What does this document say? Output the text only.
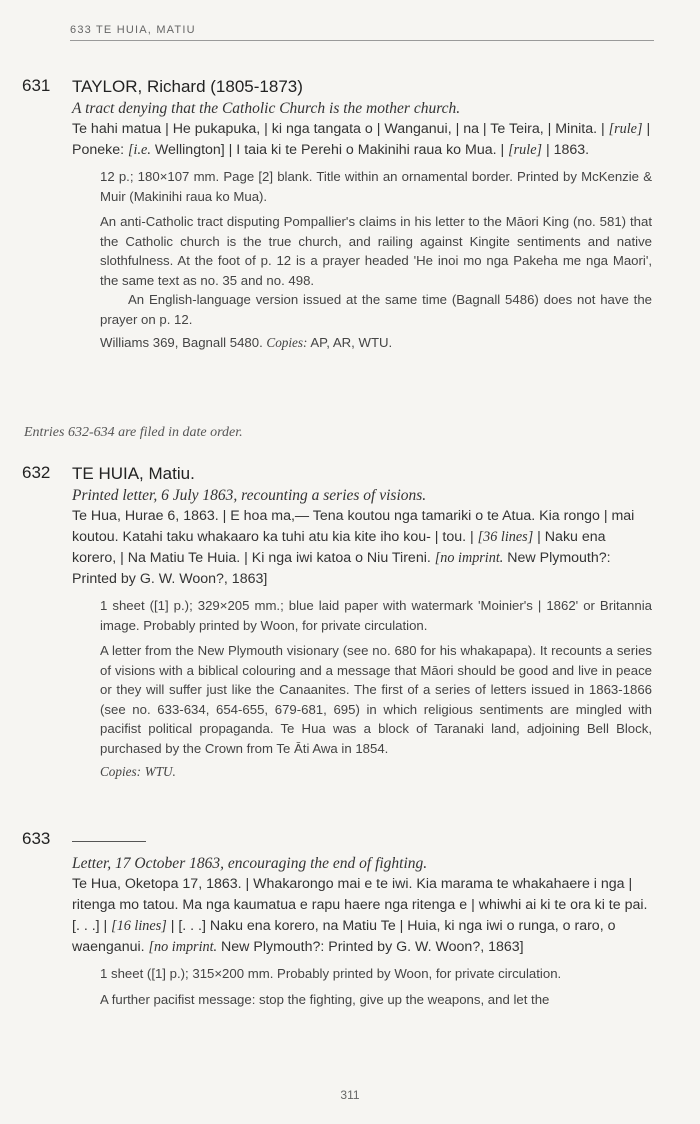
633 TE HUIA, MATIU
631 TAYLOR, Richard (1805-1873)
A tract denying that the Catholic Church is the mother church.
Te hahi matua | He pukapuka, | ki nga tangata o | Wanganui, | na | Te Teira, | Minita. | [rule] | Poneke: [i.e. Wellington] | I taia ki te Perehi o Makinihi raua ko Mua. | [rule] | 1863.
12 p.; 180×107 mm. Page [2] blank. Title within an ornamental border. Printed by McKenzie & Muir (Makinihi raua ko Mua).
An anti-Catholic tract disputing Pompallier's claims in his letter to the Māori King (no. 581) that the Catholic church is the true church, and railing against Kingite sentiments and native slothfulness. At the foot of p. 12 is a prayer headed 'He inoi mo nga Pakeha me nga Maori', the same text as no. 35 and no. 498.
An English-language version issued at the same time (Bagnall 5486) does not have the prayer on p. 12.
Williams 369, Bagnall 5480. Copies: AP, AR, WTU.
Entries 632-634 are filed in date order.
632 TE HUIA, Matiu.
Printed letter, 6 July 1863, recounting a series of visions.
Te Hua, Hurae 6, 1863. | E hoa ma,— Tena koutou nga tamariki o te Atua. Kia rongo | mai koutou. Katahi taku whakaaro ka tuhi atu kia kite iho kou- | tou. | [36 lines] | Naku ena korero, | Na Matiu Te Huia. | Ki nga iwi katoa o Niu Tireni. [no imprint. New Plymouth?: Printed by G. W. Woon?, 1863]
1 sheet ([1] p.); 329×205 mm.; blue laid paper with watermark 'Moinier's | 1862' or Britannia image. Probably printed by Woon, for private circulation.
A letter from the New Plymouth visionary (see no. 680 for his whakapapa). It recounts a series of visions with a biblical colouring and a message that Māori should be good and live in peace or they will suffer just like the Canaanites. The first of a series of letters issued in 1863-1866 (see no. 633-634, 654-655, 679-681, 695) in which religious sentiments are mingled with pacifist political propaganda. Te Hua was a block of Taranaki land, adjoining Bell Block, purchased by the Crown from Te Āti Awa in 1854.
Copies: WTU.
633
Letter, 17 October 1863, encouraging the end of fighting.
Te Hua, Oketopa 17, 1863. | Whakarongo mai e te iwi. Kia marama te whakahaere i nga | ritenga mo tatou. Ma nga kaumatua e rapu haere nga ritenga e | whiwhi ai ki te ora ki te pai. [. . .] | [16 lines] | [. . .] Naku ena korero, na Matiu Te | Huia, ki nga iwi o runga, o raro, o waenganui. [no imprint. New Plymouth?: Printed by G. W. Woon?, 1863]
1 sheet ([1] p.); 315×200 mm. Probably printed by Woon, for private circulation.
A further pacifist message: stop the fighting, give up the weapons, and let the
311
